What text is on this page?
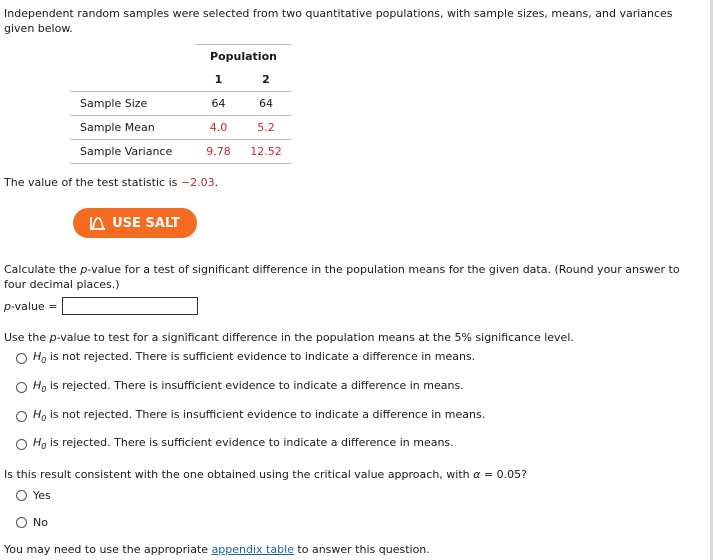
Independent random samples were selected from two quantitative populations, with sample sizes, means, and variances given below.
	Population	
	1	2
Sample Size	64	64
Sample Mean	4.0	5.2
Sample Variance	9.78	12.52
The value of the test statistic is −2.03.
USE SALT
Calculate the p-value for a test of significant difference in the population means for the given data. (Round your answer to four decimal places.)
p-value =
Use the p-value to test for a significant difference in the population means at the 5% significance level.
$H_0$ is not rejected. There is sufficient evidence to indicate a difference in means.
$H_0$ is rejected. There is insufficient evidence to indicate a difference in means.
$H_0$ is not rejected. There is insufficient evidence to indicate a difference in means.
$H_0$ is rejected. There is sufficient evidence to indicate a difference in means.
Is this result consistent with the one obtained using the critical value approach, with α = 0.05?
Yes
No
You may need to use the appropriate appendix table to answer this question.
